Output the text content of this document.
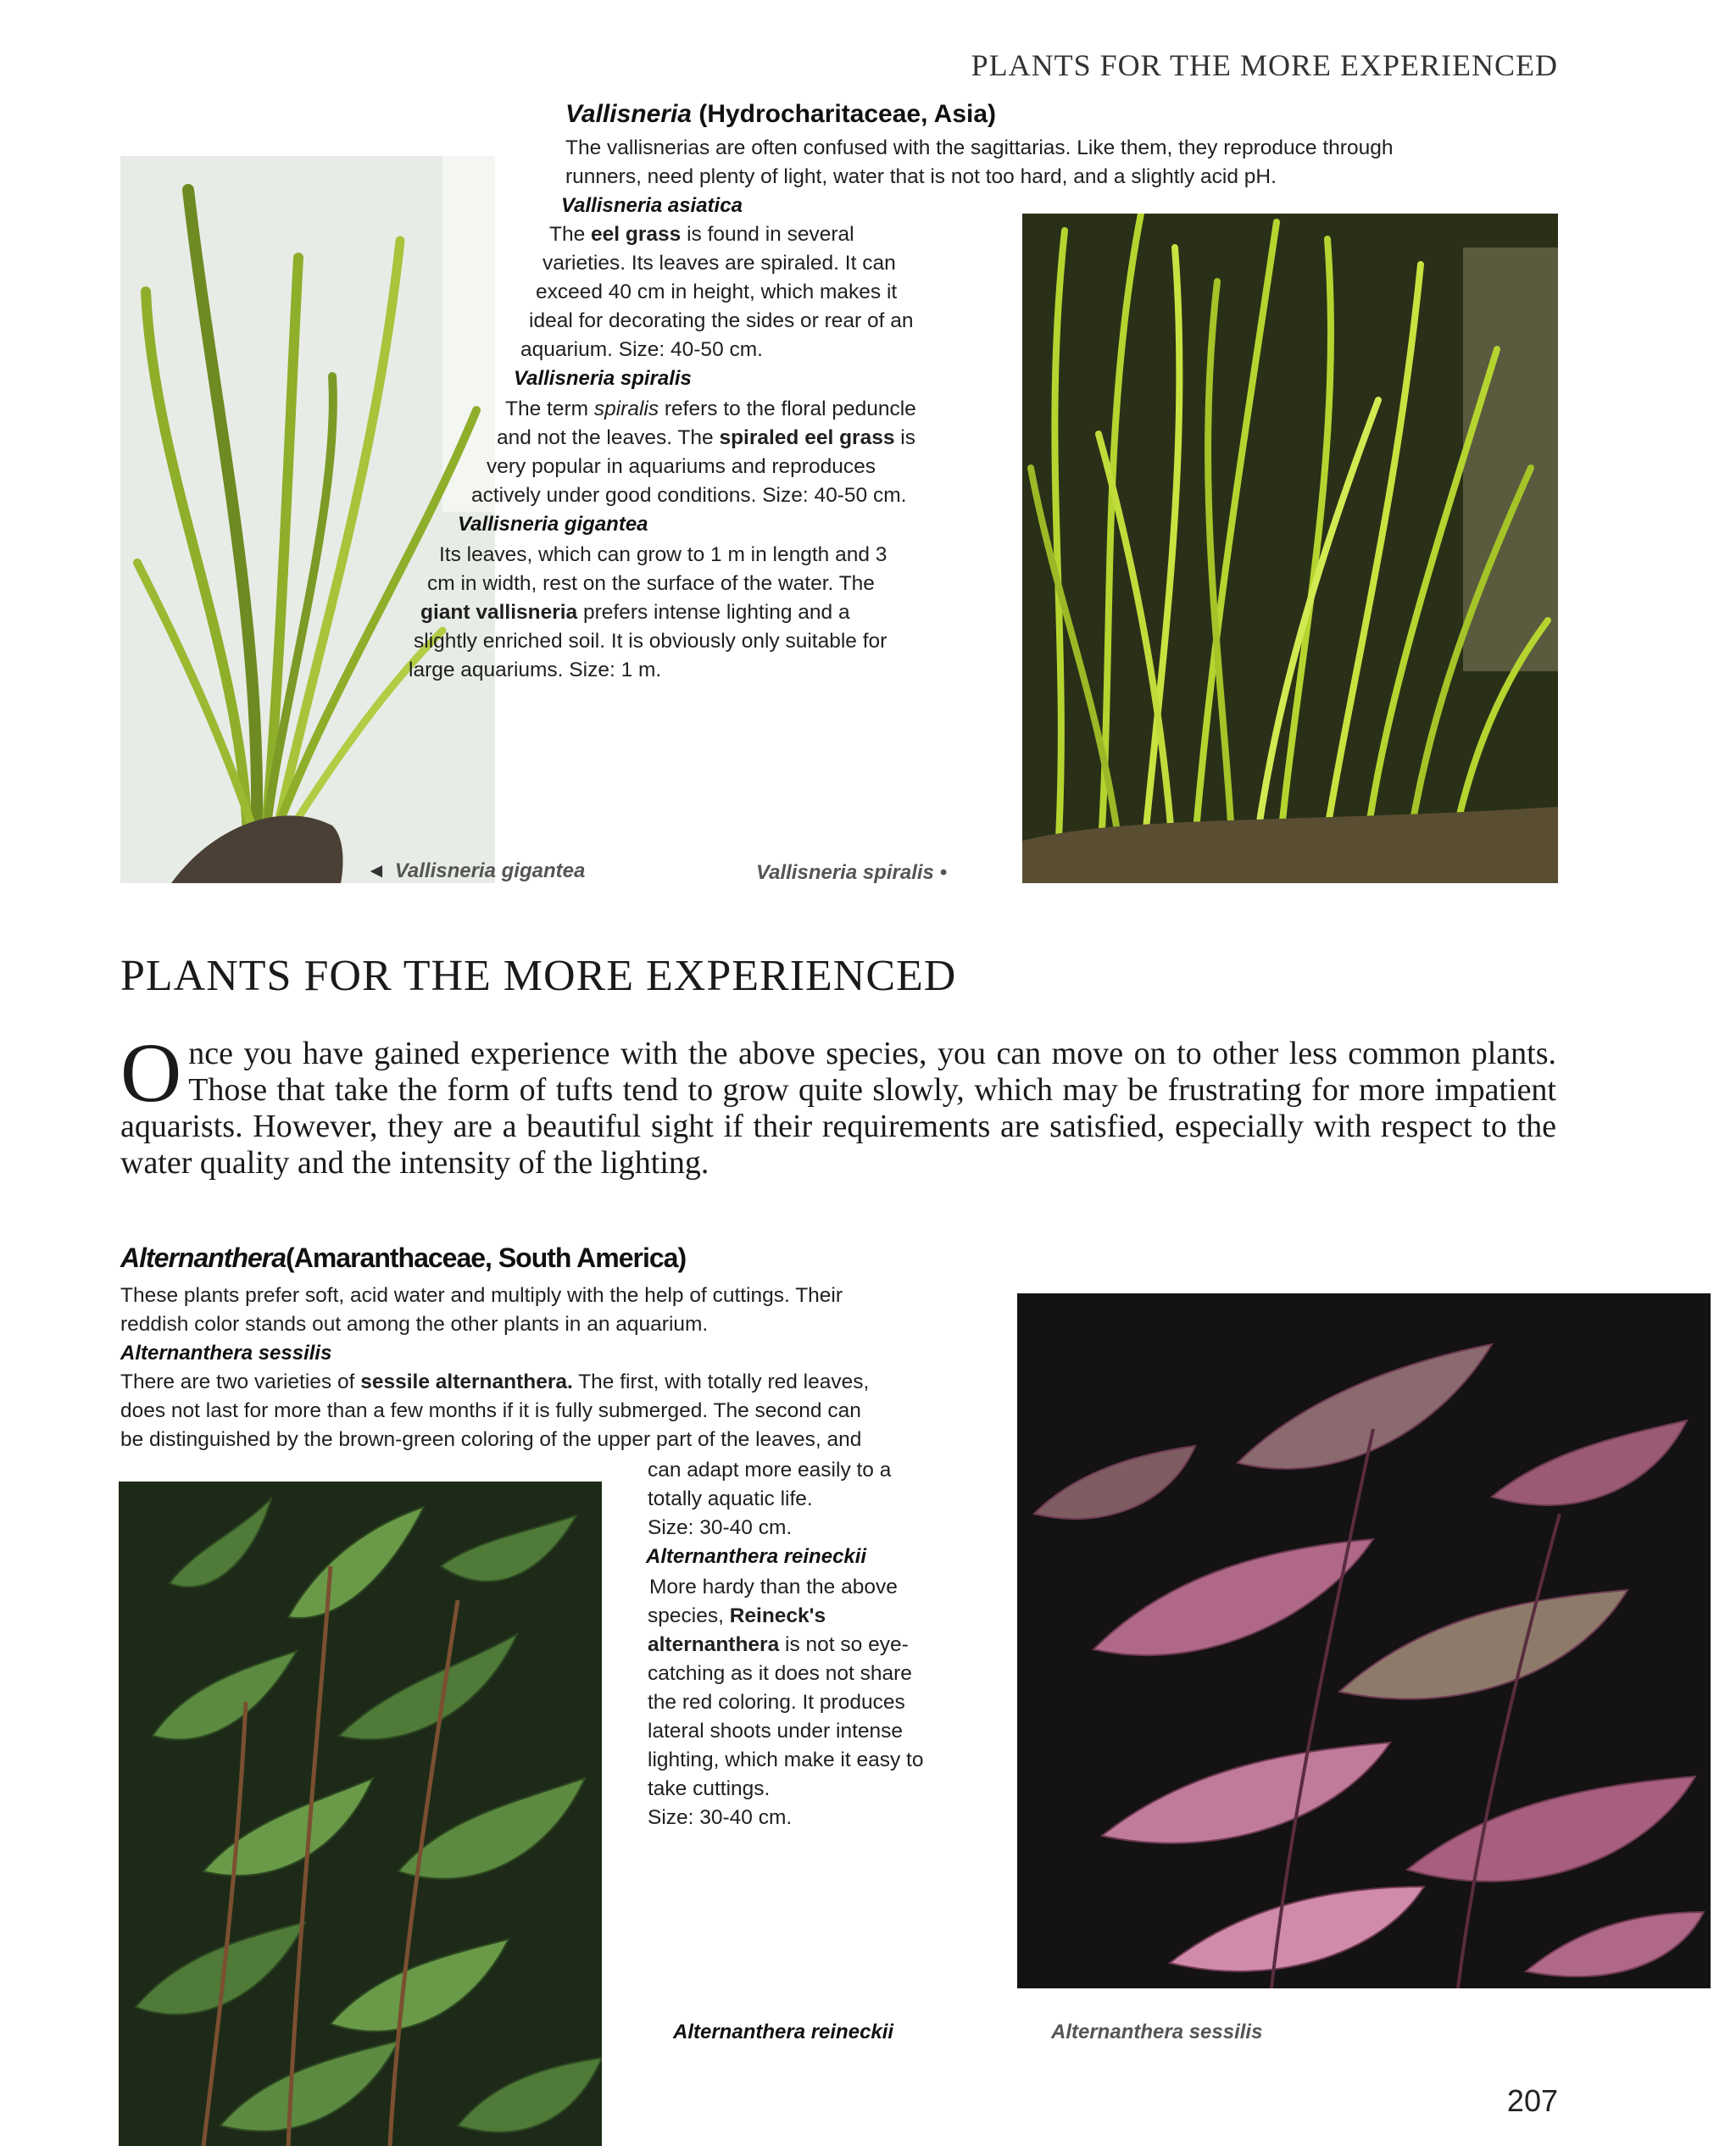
PLANTS FOR THE MORE EXPERIENCED
Vallisneria (Hydrocharitaceae, Asia)
The vallisnerias are often confused with the sagittarias. Like them, they reproduce through
runners, need plenty of light, water that is not too hard, and a slightly acid pH.
Vallisneria asiatica
The eel grass is found in several
varieties. Its leaves are spiraled. It can
exceed 40 cm in height, which makes it
ideal for decorating the sides or rear of an
aquarium. Size: 40-50 cm.
Vallisneria spiralis
The term spiralis refers to the floral peduncle
and not the leaves. The spiraled eel grass is
very popular in aquariums and reproduces
actively under good conditions. Size: 40-50 cm.
Vallisneria gigantea
Its leaves, which can grow to 1 m in length and 3
cm in width, rest on the surface of the water. The
giant vallisneria prefers intense lighting and a
slightly enriched soil. It is obviously only suitable for
large aquariums. Size: 1 m.
◄ Vallisneria gigantea	Vallisneria spiralis •
PLANTS FOR THE MORE EXPERIENCED

Once you have gained experience with the above species, you can move on to other less common plants. Those that take the form of tufts tend to grow quite slowly, which may be frustrating for more impatient aquarists. However, they are a beautiful sight if their requirements are satisfied, especially with respect to the water quality and the intensity of the lighting.

Alternanthera(Amaranthaceae, South America)
These plants prefer soft, acid water and multiply with the help of cuttings. Their
reddish color stands out among the other plants in an aquarium.
Alternanthera sessilis
There are two varieties of sessile alternanthera. The first, with totally red leaves,
does not last for more than a few months if it is fully submerged. The second can
be distinguished by the brown-green coloring of the upper part of the leaves, and
can adapt more easily to a
totally aquatic life.
Size: 30-40 cm.
Alternanthera reineckii
More hardy than the above
species, Reineck's
alternanthera is not so eye-
catching as it does not share
the red coloring. It produces
lateral shoots under intense
lighting, which make it easy to
take cuttings.
Size: 30-40 cm.
Alternanthera reineckii	Alternanthera sessilis
207
